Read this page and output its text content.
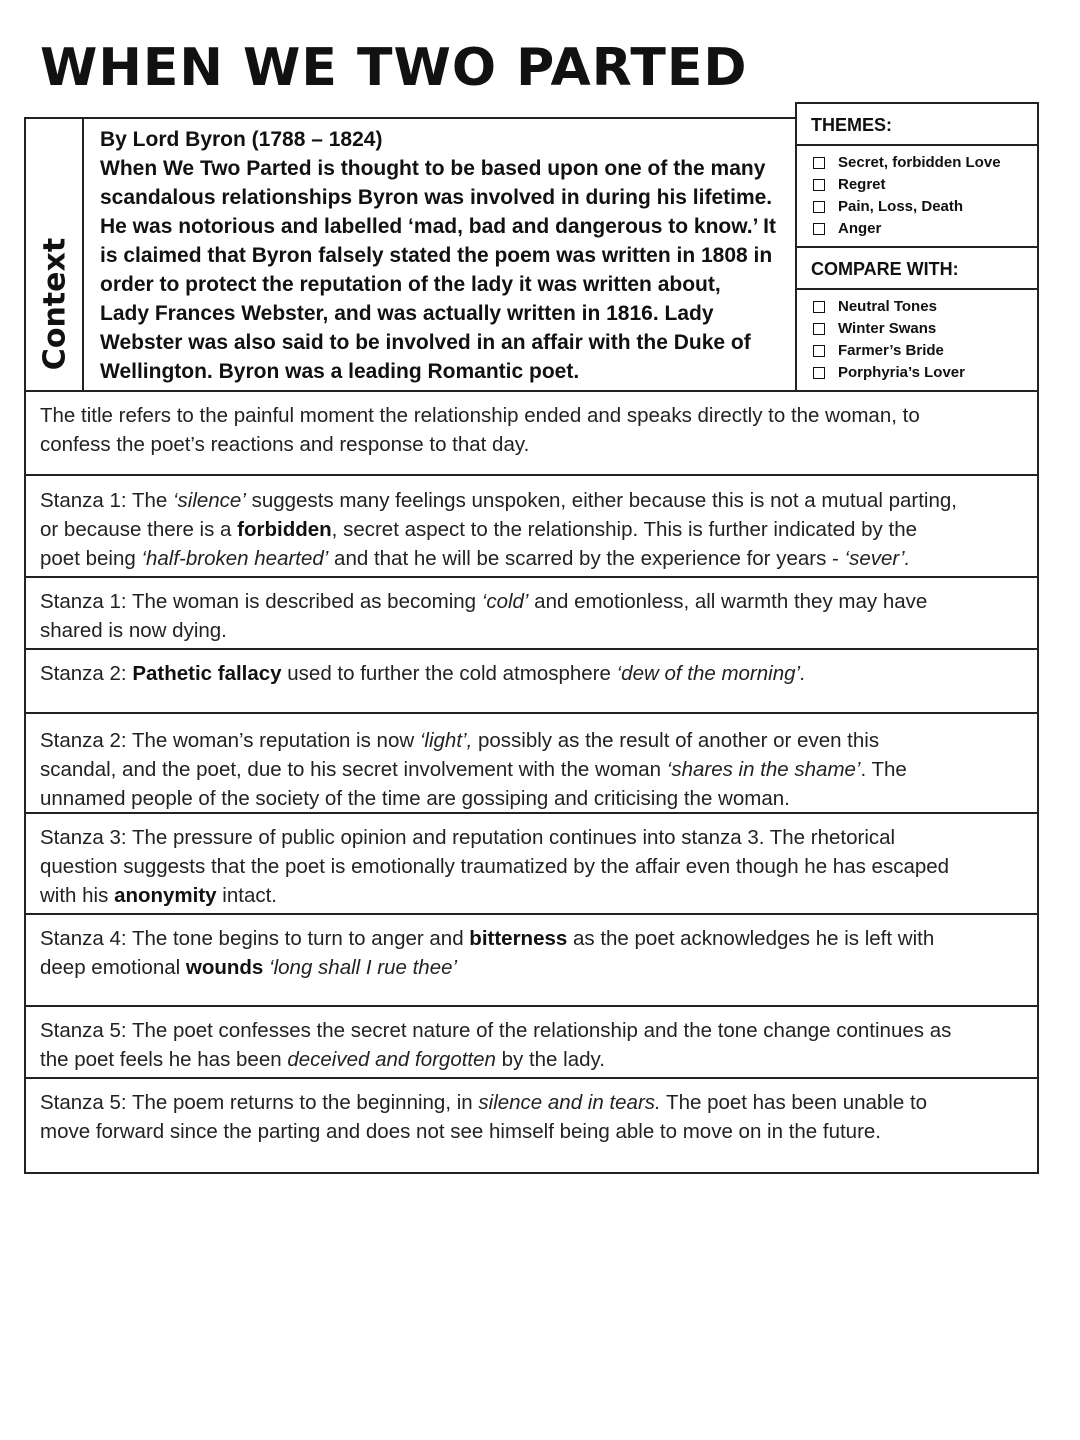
WHEN WE TWO PARTED
Context

By Lord Byron (1788 – 1824)

When We Two Parted is thought to be based upon one of the many

scandalous relationships Byron was involved in during his lifetime.

He was notorious and labelled ‘mad, bad and dangerous to know.’ It

is claimed that Byron falsely stated the poem was written in 1808 in

order to protect the reputation of the lady it was written about,

Lady Frances Webster, and was actually written in 1816. Lady

Webster was also said to be involved in an affair with the Duke of

Wellington. Byron was a leading Romantic poet.

THEMES:
Secret, forbidden Love
Regret
Pain, Loss, Death
Anger
COMPARE WITH:
Neutral Tones
Winter Swans
Farmer’s Bride
Porphyria’s Lover

The title refers to the painful moment the relationship ended and speaks directly to the woman, to

confess the poet’s reactions and response to that day.

Stanza 1: The ‘silence’ suggests many feelings unspoken, either because this is not a mutual parting,

or because there is a forbidden, secret aspect to the relationship. This is further indicated by the

poet being ‘half-broken hearted’ and that he will be scarred by the experience for years - ‘sever’.

Stanza 1: The woman is described as becoming ‘cold’ and emotionless, all warmth they may have

shared is now dying.

Stanza 2: Pathetic fallacy used to further the cold atmosphere ‘dew of the morning’.

Stanza 2: The woman’s reputation is now ‘light’, possibly as the result of another or even this

scandal, and the poet, due to his secret involvement with the woman ‘shares in the shame’. The

unnamed people of the society of the time are gossiping and criticising the woman.

Stanza 3: The pressure of public opinion and reputation continues into stanza 3. The rhetorical

question suggests that the poet is emotionally traumatized by the affair even though he has escaped

with his anonymity intact.

Stanza 4: The tone begins to turn to anger and bitterness as the poet acknowledges he is left with

deep emotional wounds ‘long shall I rue thee’

Stanza 5: The poet confesses the secret nature of the relationship and the tone change continues as

the poet feels he has been deceived and forgotten by the lady.

Stanza 5: The poem returns to the beginning, in silence and in tears. The poet has been unable to

move forward since the parting and does not see himself being able to move on in the future.
